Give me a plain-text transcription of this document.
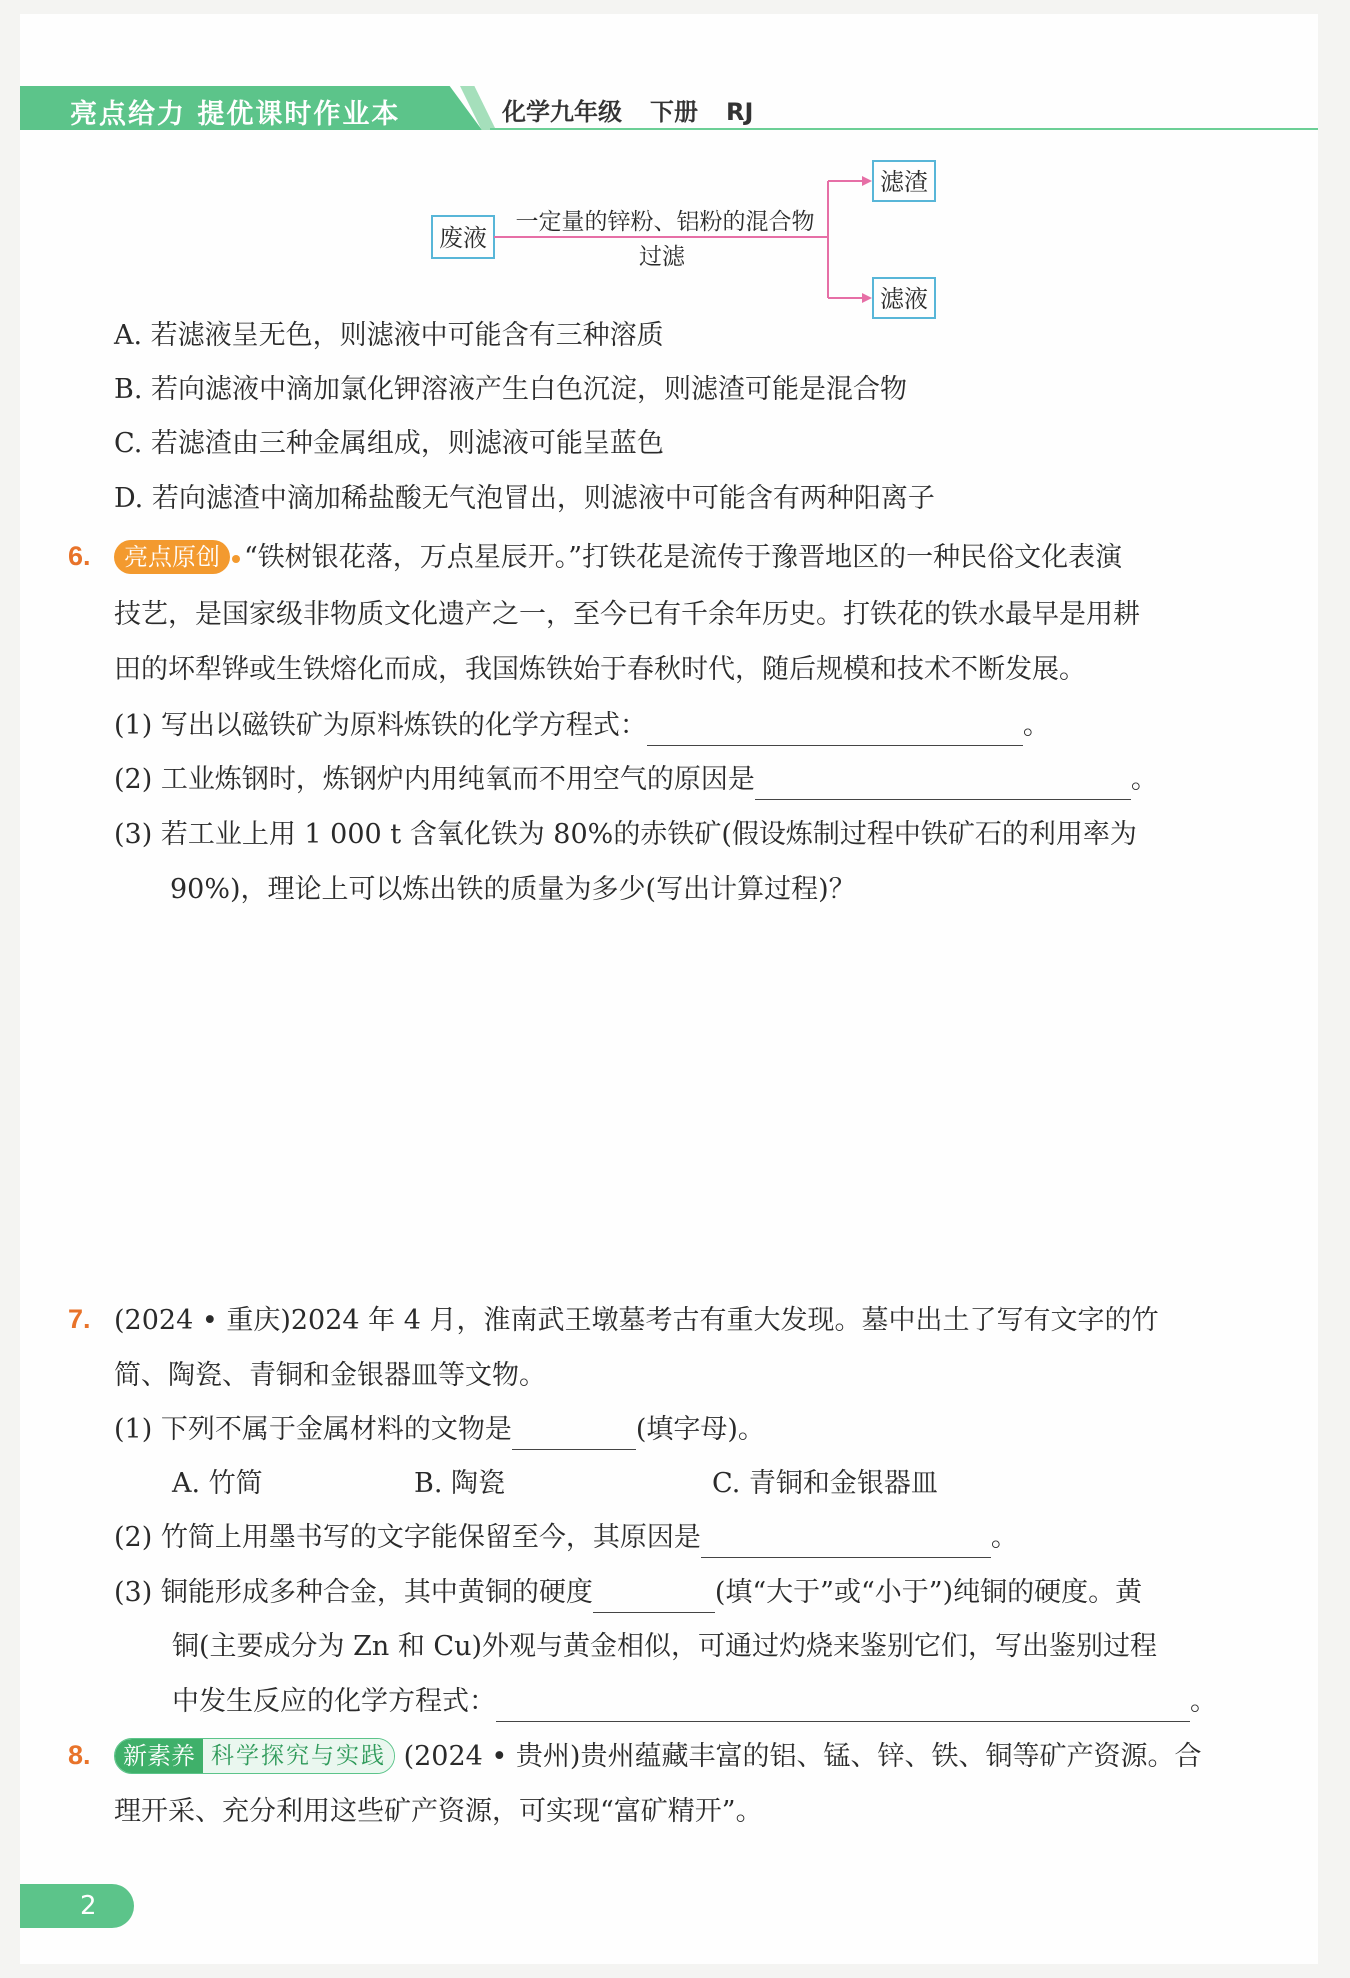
亮点给力 提优课时作业本	化学九年级 下册 RJ
废液
一定量的锌粉、铝粉的混合物
过滤
滤渣
滤液
A. 若滤液呈无色，则滤液中可能含有三种溶质
B. 若向滤液中滴加氯化钾溶液产生白色沉淀，则滤渣可能是混合物
C. 若滤渣由三种金属组成，则滤液可能呈蓝色
D. 若向滤渣中滴加稀盐酸无气泡冒出，则滤液中可能含有两种阳离子
6.	亮点原创 “铁树银花落，万点星辰开。”打铁花是流传于豫晋地区的一种民俗文化表演
技艺，是国家级非物质文化遗产之一，至今已有千余年历史。打铁花的铁水最早是用耕
田的坏犁铧或生铁熔化而成，我国炼铁始于春秋时代，随后规模和技术不断发展。
(1) 写出以磁铁矿为原料炼铁的化学方程式：	。
(2) 工业炼钢时，炼钢炉内用纯氧而不用空气的原因是	。
(3) 若工业上用 1 000 t 含氧化铁为 80%的赤铁矿(假设炼制过程中铁矿石的利用率为
90%)，理论上可以炼出铁的质量为多少(写出计算过程)？
7. (2024 • 重庆)2024 年 4 月，淮南武王墩墓考古有重大发现。墓中出土了写有文字的竹
简、陶瓷、青铜和金银器皿等文物。
(1) 下列不属于金属材料的文物是	(填字母)。
A. 竹简	B. 陶瓷	C. 青铜和金银器皿
(2) 竹简上用墨书写的文字能保留至今，其原因是	。
(3) 铜能形成多种合金，其中黄铜的硬度	(填“大于”或“小于”)纯铜的硬度。黄
铜(主要成分为 Zn 和 Cu)外观与黄金相似，可通过灼烧来鉴别它们，写出鉴别过程
中发生反应的化学方程式：	。
8.	新素养 科学探究与实践 (2024 • 贵州)贵州蕴藏丰富的铝、锰、锌、铁、铜等矿产资源。合
理开采、充分利用这些矿产资源，可实现“富矿精开”。
2
